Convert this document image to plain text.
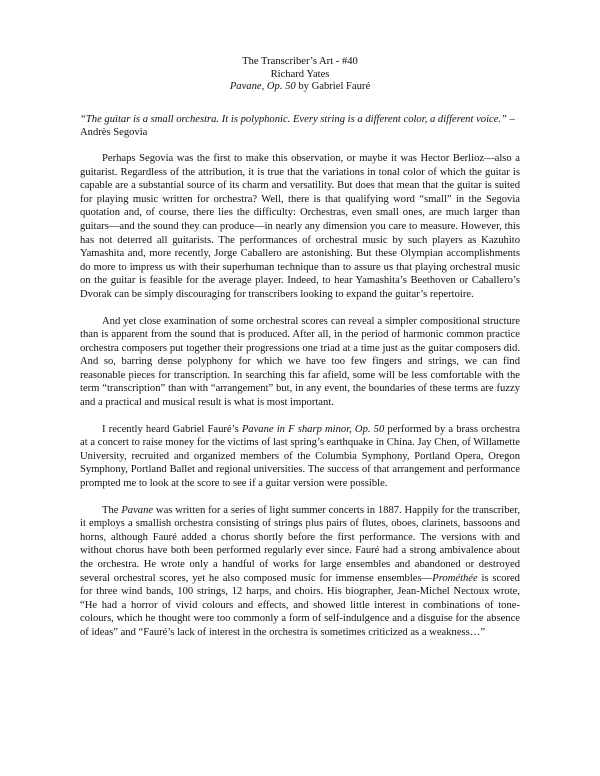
The Transcriber’s Art - #40
Richard Yates
Pavane, Op. 50 by Gabriel Fauré
“The guitar is a small orchestra. It is polyphonic. Every string is a different color, a different voice.” –Andrès Segovia

Perhaps Segovia was the first to make this observation, or maybe it was Hector Berlioz—also a guitarist. Regardless of the attribution, it is true that the variations in tonal color of which the guitar is capable are a substantial source of its charm and versatility. But does that mean that the guitar is suited for playing music written for orchestra? Well, there is that qualifying word “small” in the Segovia quotation and, of course, there lies the difficulty: Orchestras, even small ones, are much larger than guitars—and the sound they can produce—in nearly any dimension you care to measure. However, this has not deterred all guitarists. The performances of orchestral music by such players as Kazuhito Yamashita and, more recently, Jorge Caballero are astonishing. But these Olympian accomplishments do more to impress us with their superhuman technique than to assure us that playing orchestral music on the guitar is feasible for the average player. Indeed, to hear Yamashita’s Beethoven or Caballero’s Dvorak can be simply discouraging for transcribers looking to expand the guitar’s repertoire.

And yet close examination of some orchestral scores can reveal a simpler compositional structure than is apparent from the sound that is produced. After all, in the period of harmonic common practice orchestra composers put together their progressions one triad at a time just as the guitar composers did. And so, barring dense polyphony for which we have too few fingers and strings, we can find reasonable pieces for transcription. In searching this far afield, some will be less comfortable with the term “transcription” than with “arrangement” but, in any event, the boundaries of these terms are fuzzy and a practical and musical result is what is most important.

I recently heard Gabriel Fauré’s Pavane in F sharp minor, Op. 50 performed by a brass orchestra at a concert to raise money for the victims of last spring’s earthquake in China. Jay Chen, of Willamette University, recruited and organized members of the Columbia Symphony, Portland Opera, Oregon Symphony, Portland Ballet and regional universities. The success of that arrangement and performance prompted me to look at the score to see if a guitar version were possible.

The Pavane was written for a series of light summer concerts in 1887. Happily for the transcriber, it employs a smallish orchestra consisting of strings plus pairs of flutes, oboes, clarinets, bassoons and horns, although Fauré added a chorus shortly before the first performance. The versions with and without chorus have both been performed regularly ever since. Fauré had a strong ambivalence about the orchestra. He wrote only a handful of works for large ensembles and abandoned or destroyed several orchestral scores, yet he also composed music for immense ensembles—Prométhée is scored for three wind bands, 100 strings, 12 harps, and choirs. His biographer, Jean-Michel Nectoux wrote, “He had a horror of vivid colours and effects, and showed little interest in combinations of tone-colours, which he thought were too commonly a form of self-indulgence and a disguise for the absence of ideas” and “Fauré’s lack of interest in the orchestra is sometimes criticized as a weakness…”
